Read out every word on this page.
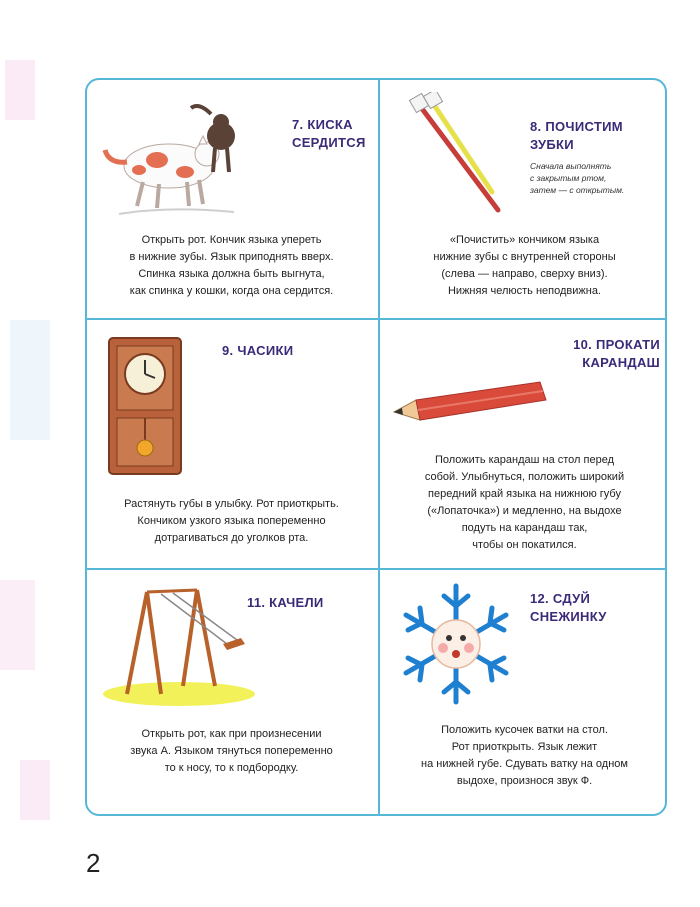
7. КИСКА
СЕРДИТСЯ
Открыть рот. Кончик языка упереть
в нижние зубы. Язык приподнять вверх.
Спинка языка должна быть выгнута,
как спинка у кошки, когда она сердится.
8. ПОЧИСТИМ
ЗУБКИ
Сначала выполнять
с закрытым ртом,
затем — с открытым.
«Почистить» кончиком языка
нижние зубы с внутренней стороны
(слева — направо, сверху вниз).
Нижняя челюсть неподвижна.
9. ЧАСИКИ
Растянуть губы в улыбку. Рот приоткрыть.
Кончиком узкого языка попеременно
дотрагиваться до уголков рта.
10. ПРОКАТИ
КАРАНДАШ
Положить карандаш на стол перед
собой. Улыбнуться, положить широкий
передний край языка на нижнюю губу
(«Лопаточка») и медленно, на выдохе
подуть на карандаш так,
чтобы он покатился.
11. КАЧЕЛИ
Открыть рот, как при произнесении
звука А. Языком тянуться попеременно
то к носу, то к подбородку.
12. СДУЙ
СНЕЖИНКУ
Положить кусочек ватки на стол.
Рот приоткрыть. Язык лежит
на нижней губе. Сдувать ватку на одном
выдохе, произнося звук Ф.
2
